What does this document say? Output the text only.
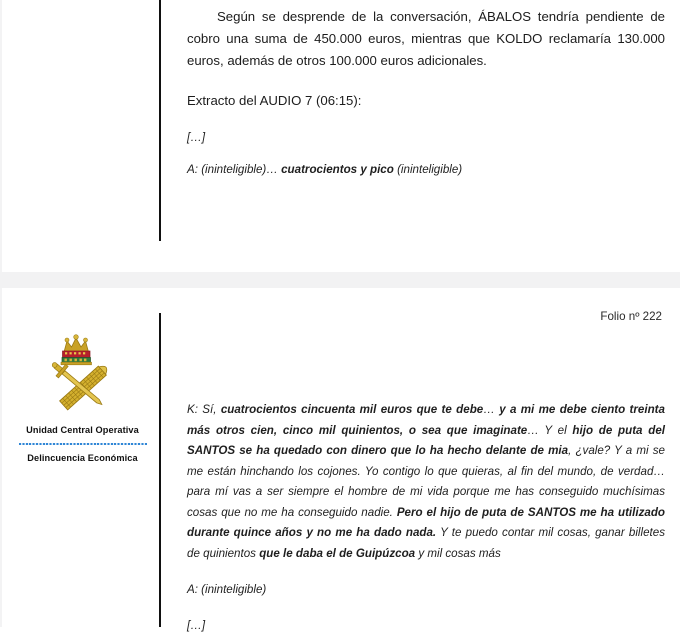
Según se desprende de la conversación, ÁBALOS tendría pendiente de cobro una suma de 450.000 euros, mientras que KOLDO reclamaría 130.000 euros, además de otros 100.000 euros adicionales.

Extracto del AUDIO 7 (06:15):

[…]

A: (ininteligible)… cuatrocientos y pico (ininteligible)

Folio nº 222
Unidad Central Operativa
Delincuencia Económica

K: Sí, cuatrocientos cincuenta mil euros que te debe… y a mi me debe ciento treinta más otros cien, cinco mil quinientos, o sea que imaginate… Y el hijo de puta del SANTOS se ha quedado con dinero que lo ha hecho delante de mia, ¿vale? Y a mi se me están hinchando los cojones. Yo contigo lo que quieras, al fin del mundo, de verdad… para mí vas a ser siempre el hombre de mi vida porque me has conseguido muchísimas cosas que no me ha conseguido nadie. Pero el hijo de puta de SANTOS me ha utilizado durante quince años y no me ha dado nada. Y te puedo contar mil cosas, ganar billetes de quinientos que le daba el de Guipúzcoa y mil cosas más

A: (ininteligible)

[…]
